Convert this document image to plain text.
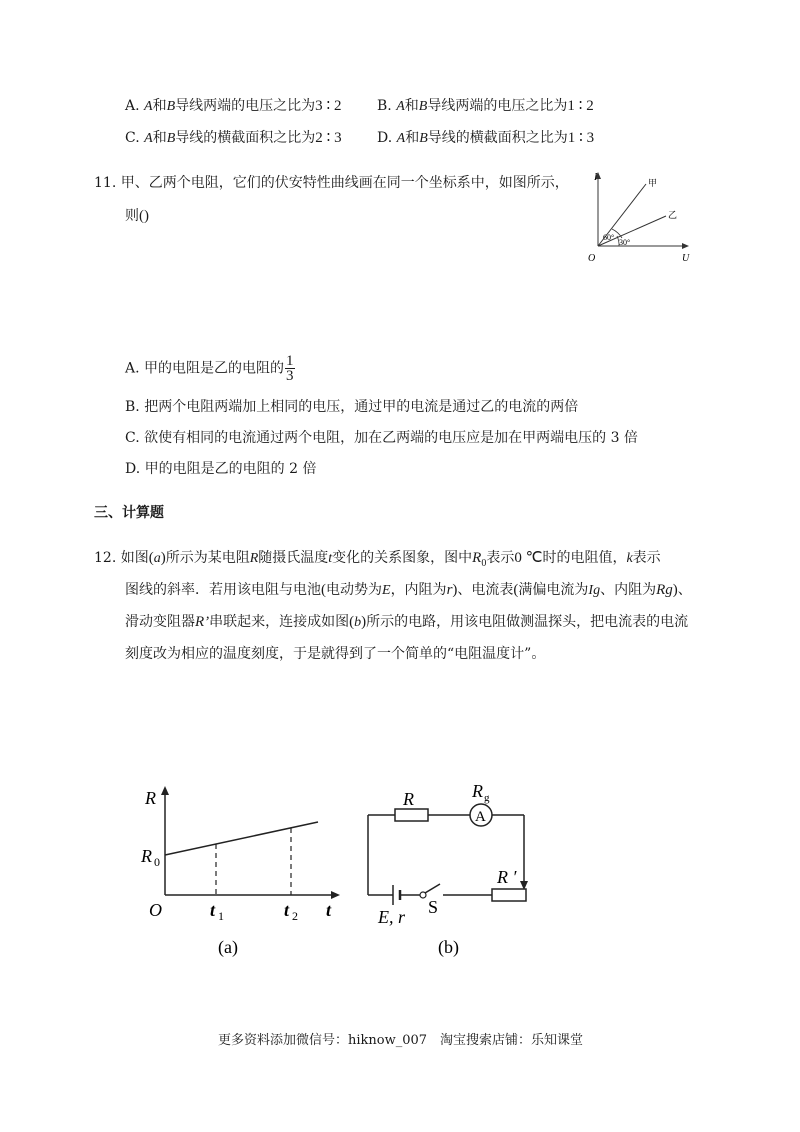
A. A和B导线两端的电压之比为3 ∶ 2	B. A和B导线两端的电压之比为1 ∶ 2
C. A和B导线的横截面积之比为2 ∶ 3	D. A和B导线的横截面积之比为1 ∶ 3
11. 甲、乙两个电阻，它们的伏安特性曲线画在同一个坐标系中，如图所示，
则()
I
U
O
甲
乙
60°
30°
A. 甲的电阻是乙的电阻的 $\frac{1}{3}$
B. 把两个电阻两端加上相同的电压，通过甲的电流是通过乙的电流的两倍
C. 欲使有相同的电流通过两个电阻，加在乙两端的电压应是加在甲两端电压的 3 倍
D. 甲的电阻是乙的电阻的 2 倍
三、计算题
12. 如图(a)所示为某电阻R随摄氏温度t变化的关系图象，图中$R_0$表示0 ℃时的电阻值，k表示
图线的斜率．若用该电阻与电池(电动势为E，内阻为r)、电流表(满偏电流为Ig、内阻为Rg)、
滑动变阻器R’串联起来，连接成如图(b)所示的电路，用该电阻做测温探头，把电流表的电流
刻度改为相应的温度刻度，于是就得到了一个简单的“电阻温度计”。
R
R 0
O	t 1	t 2 t
(a)
A
R	R g
R ′
E, r S
(b)
更多资料添加微信号：hiknow_007　淘宝搜索店铺：乐知课堂
